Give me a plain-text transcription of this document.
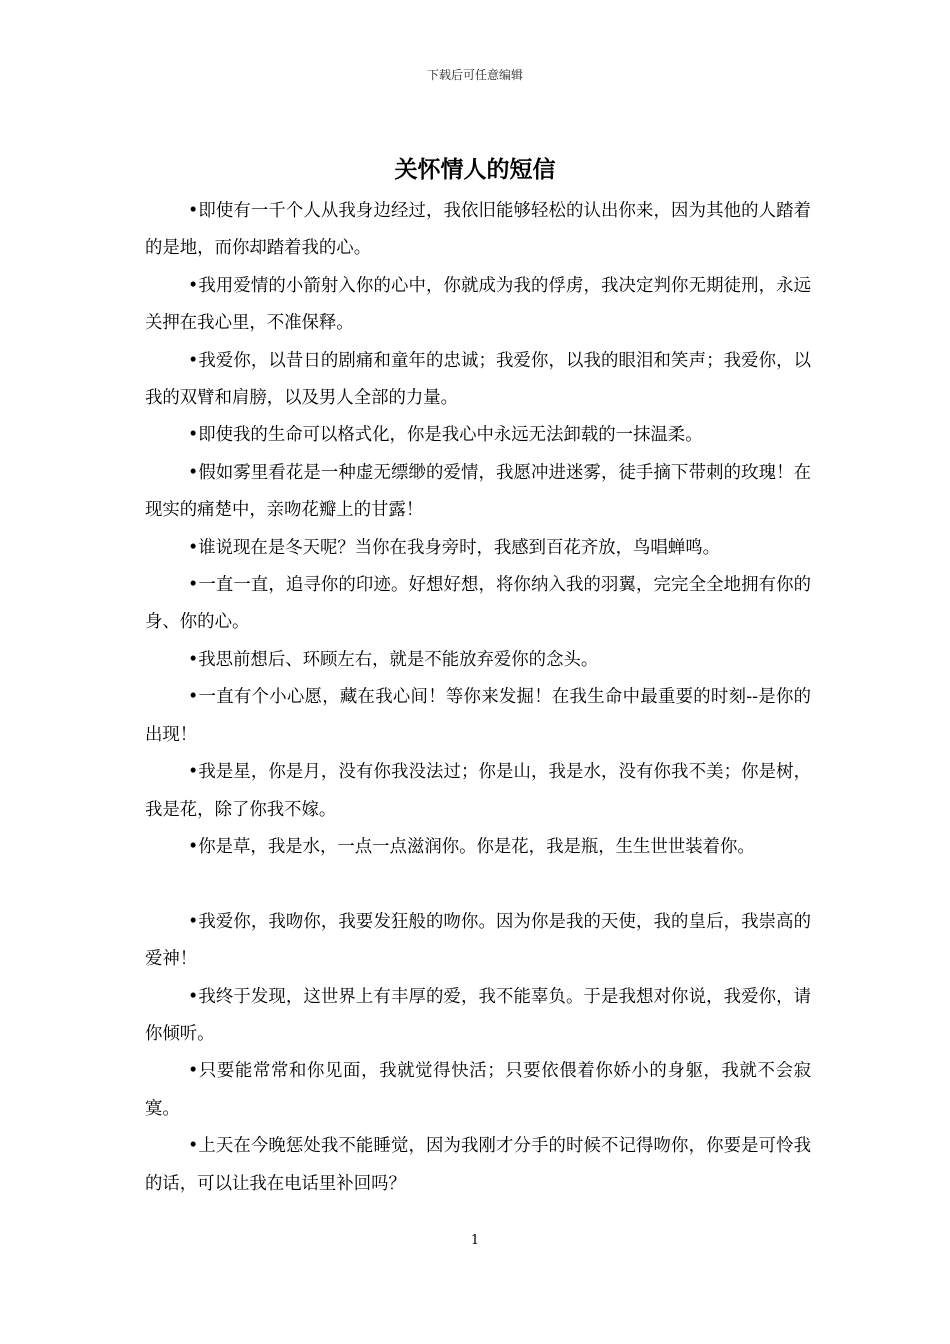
下载后可任意编辑
关怀情人的短信

•即使有一千个人从我身边经过，我依旧能够轻松的认出你来，因为其他的人踏着的是地，而你却踏着我的心。

•我用爱情的小箭射入你的心中，你就成为我的俘虏，我决定判你无期徒刑，永远关押在我心里，不准保释。

•我爱你，以昔日的剧痛和童年的忠诚；我爱你，以我的眼泪和笑声；我爱你，以我的双臂和肩膀，以及男人全部的力量。

•即使我的生命可以格式化，你是我心中永远无法卸载的一抹温柔。

•假如雾里看花是一种虚无缥缈的爱情，我愿冲进迷雾，徒手摘下带刺的玫瑰！在现实的痛楚中，亲吻花瓣上的甘露！

•谁说现在是冬天呢？当你在我身旁时，我感到百花齐放，鸟唱蝉鸣。

•一直一直，追寻你的印迹。好想好想，将你纳入我的羽翼，完完全全地拥有你的身、你的心。

•我思前想后、环顾左右，就是不能放弃爱你的念头。

•一直有个小心愿，藏在我心间！等你来发掘！在我生命中最重要的时刻--是你的出现！

•我是星，你是月，没有你我没法过；你是山，我是水，没有你我不美；你是树，我是花，除了你我不嫁。

•你是草，我是水，一点一点滋润你。你是花，我是瓶，生生世世装着你。

•我爱你，我吻你，我要发狂般的吻你。因为你是我的天使，我的皇后，我崇高的爱神！

•我终于发现，这世界上有丰厚的爱，我不能辜负。于是我想对你说，我爱你，请你倾听。

•只要能常常和你见面，我就觉得快活；只要依偎着你娇小的身躯，我就不会寂寞。

•上天在今晚惩处我不能睡觉，因为我刚才分手的时候不记得吻你，你要是可怜我的话，可以让我在电话里补回吗？

1
